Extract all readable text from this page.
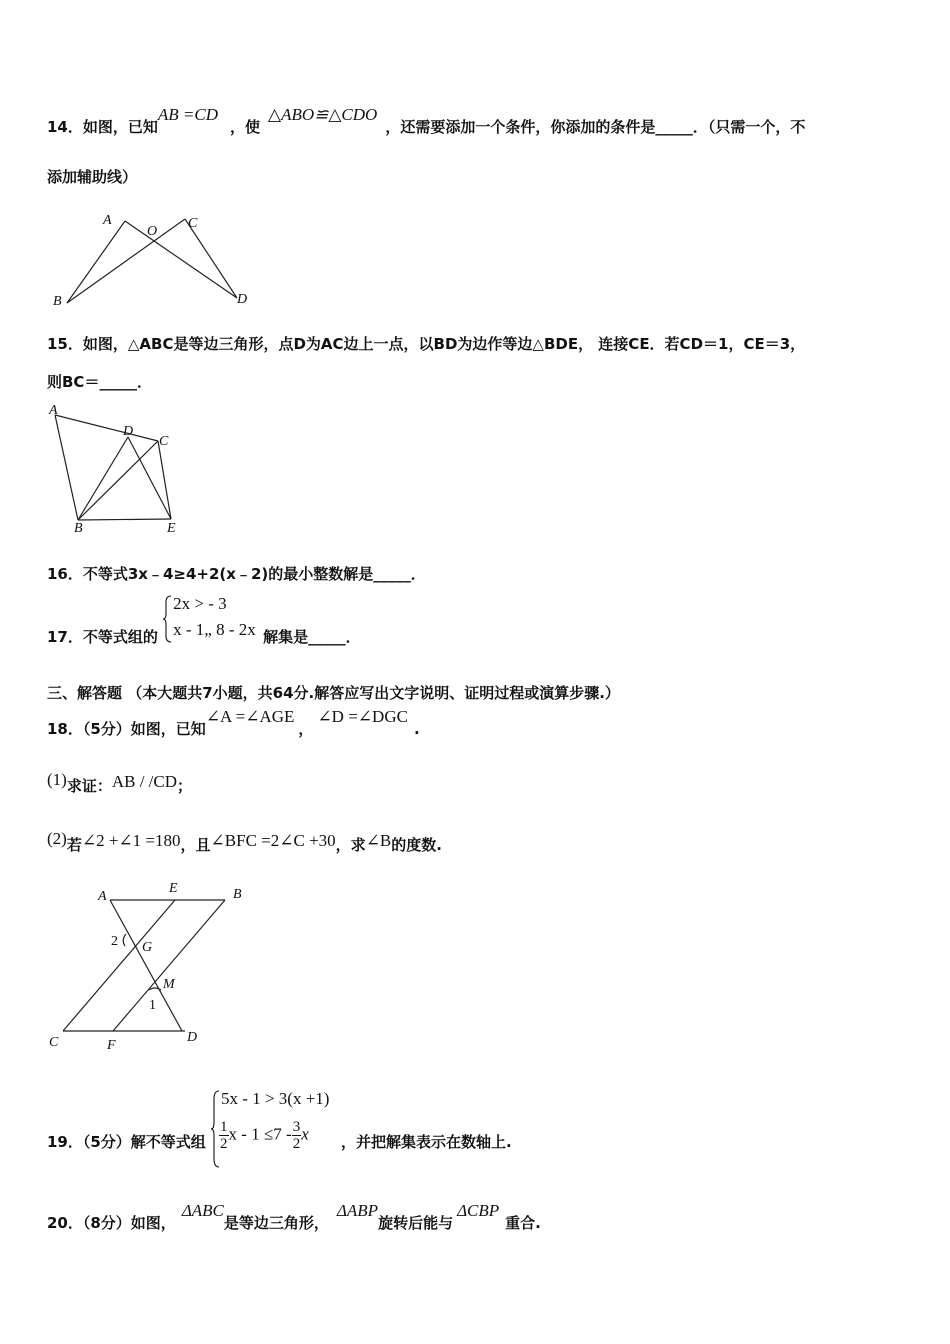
14．如图，已知AB =CD，使△ABO≌△CDO，还需要添加一个条件，你添加的条件是_____．（只需一个，不
添加辅助线）
A
O
C
B	D
15．如图，△ABC是等边三角形，点D为AC边上一点，以BD为边作等边△BDE， 连接CE．若CD＝1，CE＝3，
则BC＝_____．
A
D
C
B	E
16．不等式3x﹣4≥4+2(x﹣2)的最小整数解是_____．
17．不等式组的
2x > - 3
x - 1„ 8 - 2x 解集是_____．
三、解答题 （本大题共7小题，共64分.解答应写出文字说明、证明过程或演算步骤.）
18．（5分）如图，已知∠A =∠AGE，∠D =∠DGC.
(1)求证：AB / /CD；
(2)若∠2 +∠1 =180，且∠BFC =2∠C +30，求∠B的度数.
A
E	B
2 G
M
1
C	F
D
19．（5分）解不等式组
5x - 1 > 3(x +1)
$\frac{1}{2}$ $x - 1 \le 7 - \frac{3}{2}$ x ，并把解集表示在数轴上.
20．（8分）如图，ΔABC是等边三角形，ΔABP旋转后能与ΔCBP重合.
